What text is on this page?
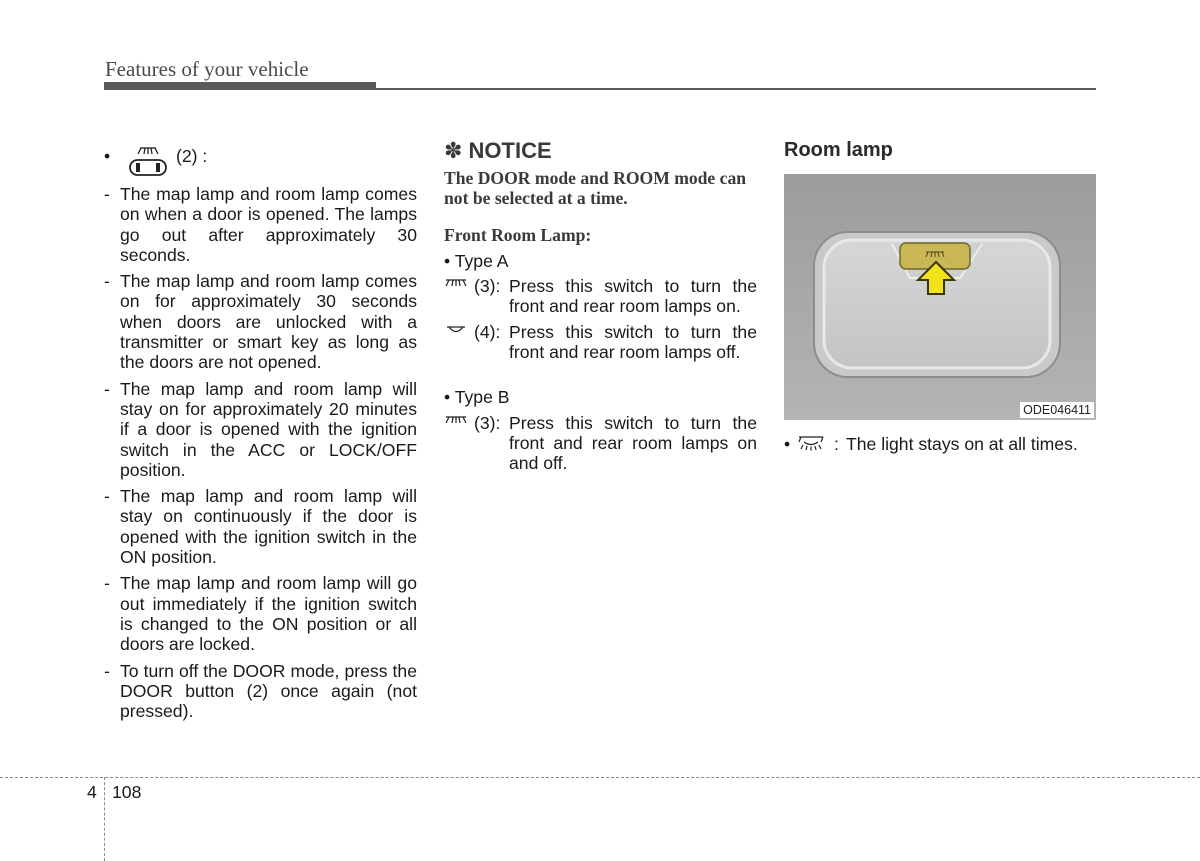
Features of your vehicle
•	(2) :
- The map lamp and room lamp comes on when a door is opened. The lamps go out after approximately 30 seconds.
- The map lamp and room lamp comes on for approximately 30 seconds when doors are unlocked with a transmitter or smart key as long as the doors are not opened.
- The map lamp and room lamp will stay on for approximately 20 minutes if a door is opened with the ignition switch in the ACC or LOCK/OFF position.
- The map lamp and room lamp will stay on continuously if the door is opened with the ignition switch in the ON position.
- The map lamp and room lamp will go out immediately if the ignition switch is changed to the ON position or all doors are locked.
- To turn off the DOOR mode, press the DOOR button (2) once again (not pressed).
✽ NOTICE
The DOOR mode and ROOM mode can not be selected at a time.
Front Room Lamp:
• Type A
(3): Press this switch to turn the front and rear room lamps on.
(4): Press this switch to turn the front and rear room lamps off.
• Type B
(3): Press this switch to turn the front and rear room lamps on and off.
Room lamp
ODE046411
•	: The light stays on at all times.
4 108
